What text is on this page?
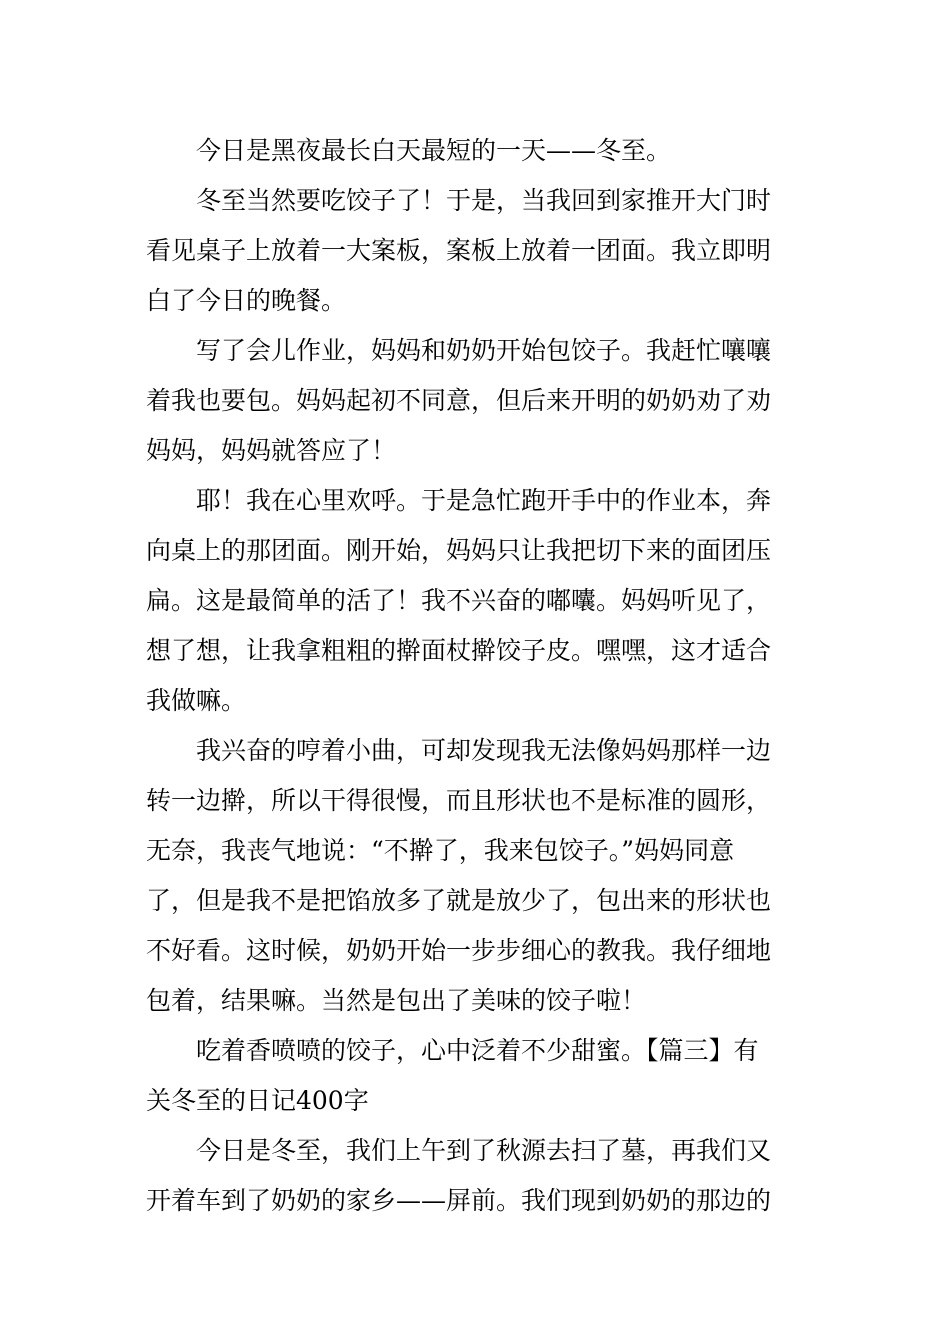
今日是黑夜最长白天最短的一天——冬至。
冬至当然要吃饺子了！于是，当我回到家推开大门时
看见桌子上放着一大案板，案板上放着一团面。我立即明
白了今日的晚餐。
写了会儿作业，妈妈和奶奶开始包饺子。我赶忙嚷嚷
着我也要包。妈妈起初不同意，但后来开明的奶奶劝了劝
妈妈，妈妈就答应了！
耶！我在心里欢呼。于是急忙跑开手中的作业本，奔
向桌上的那团面。刚开始，妈妈只让我把切下来的面团压
扁。这是最简单的活了！我不兴奋的嘟囔。妈妈听见了，
想了想，让我拿粗粗的擀面杖擀饺子皮。嘿嘿，这才适合
我做嘛。
我兴奋的哼着小曲，可却发现我无法像妈妈那样一边
转一边擀，所以干得很慢，而且形状也不是标准的圆形，
无奈，我丧气地说：“不擀了，我来包饺子。”妈妈同意
了，但是我不是把馅放多了就是放少了，包出来的形状也
不好看。这时候，奶奶开始一步步细心的教我。我仔细地
包着，结果嘛。当然是包出了美味的饺子啦！
吃着香喷喷的饺子，心中泛着不少甜蜜。【篇三】有
关冬至的日记400字
今日是冬至，我们上午到了秋源去扫了墓，再我们又
开着车到了奶奶的家乡——屏前。我们现到奶奶的那边的
